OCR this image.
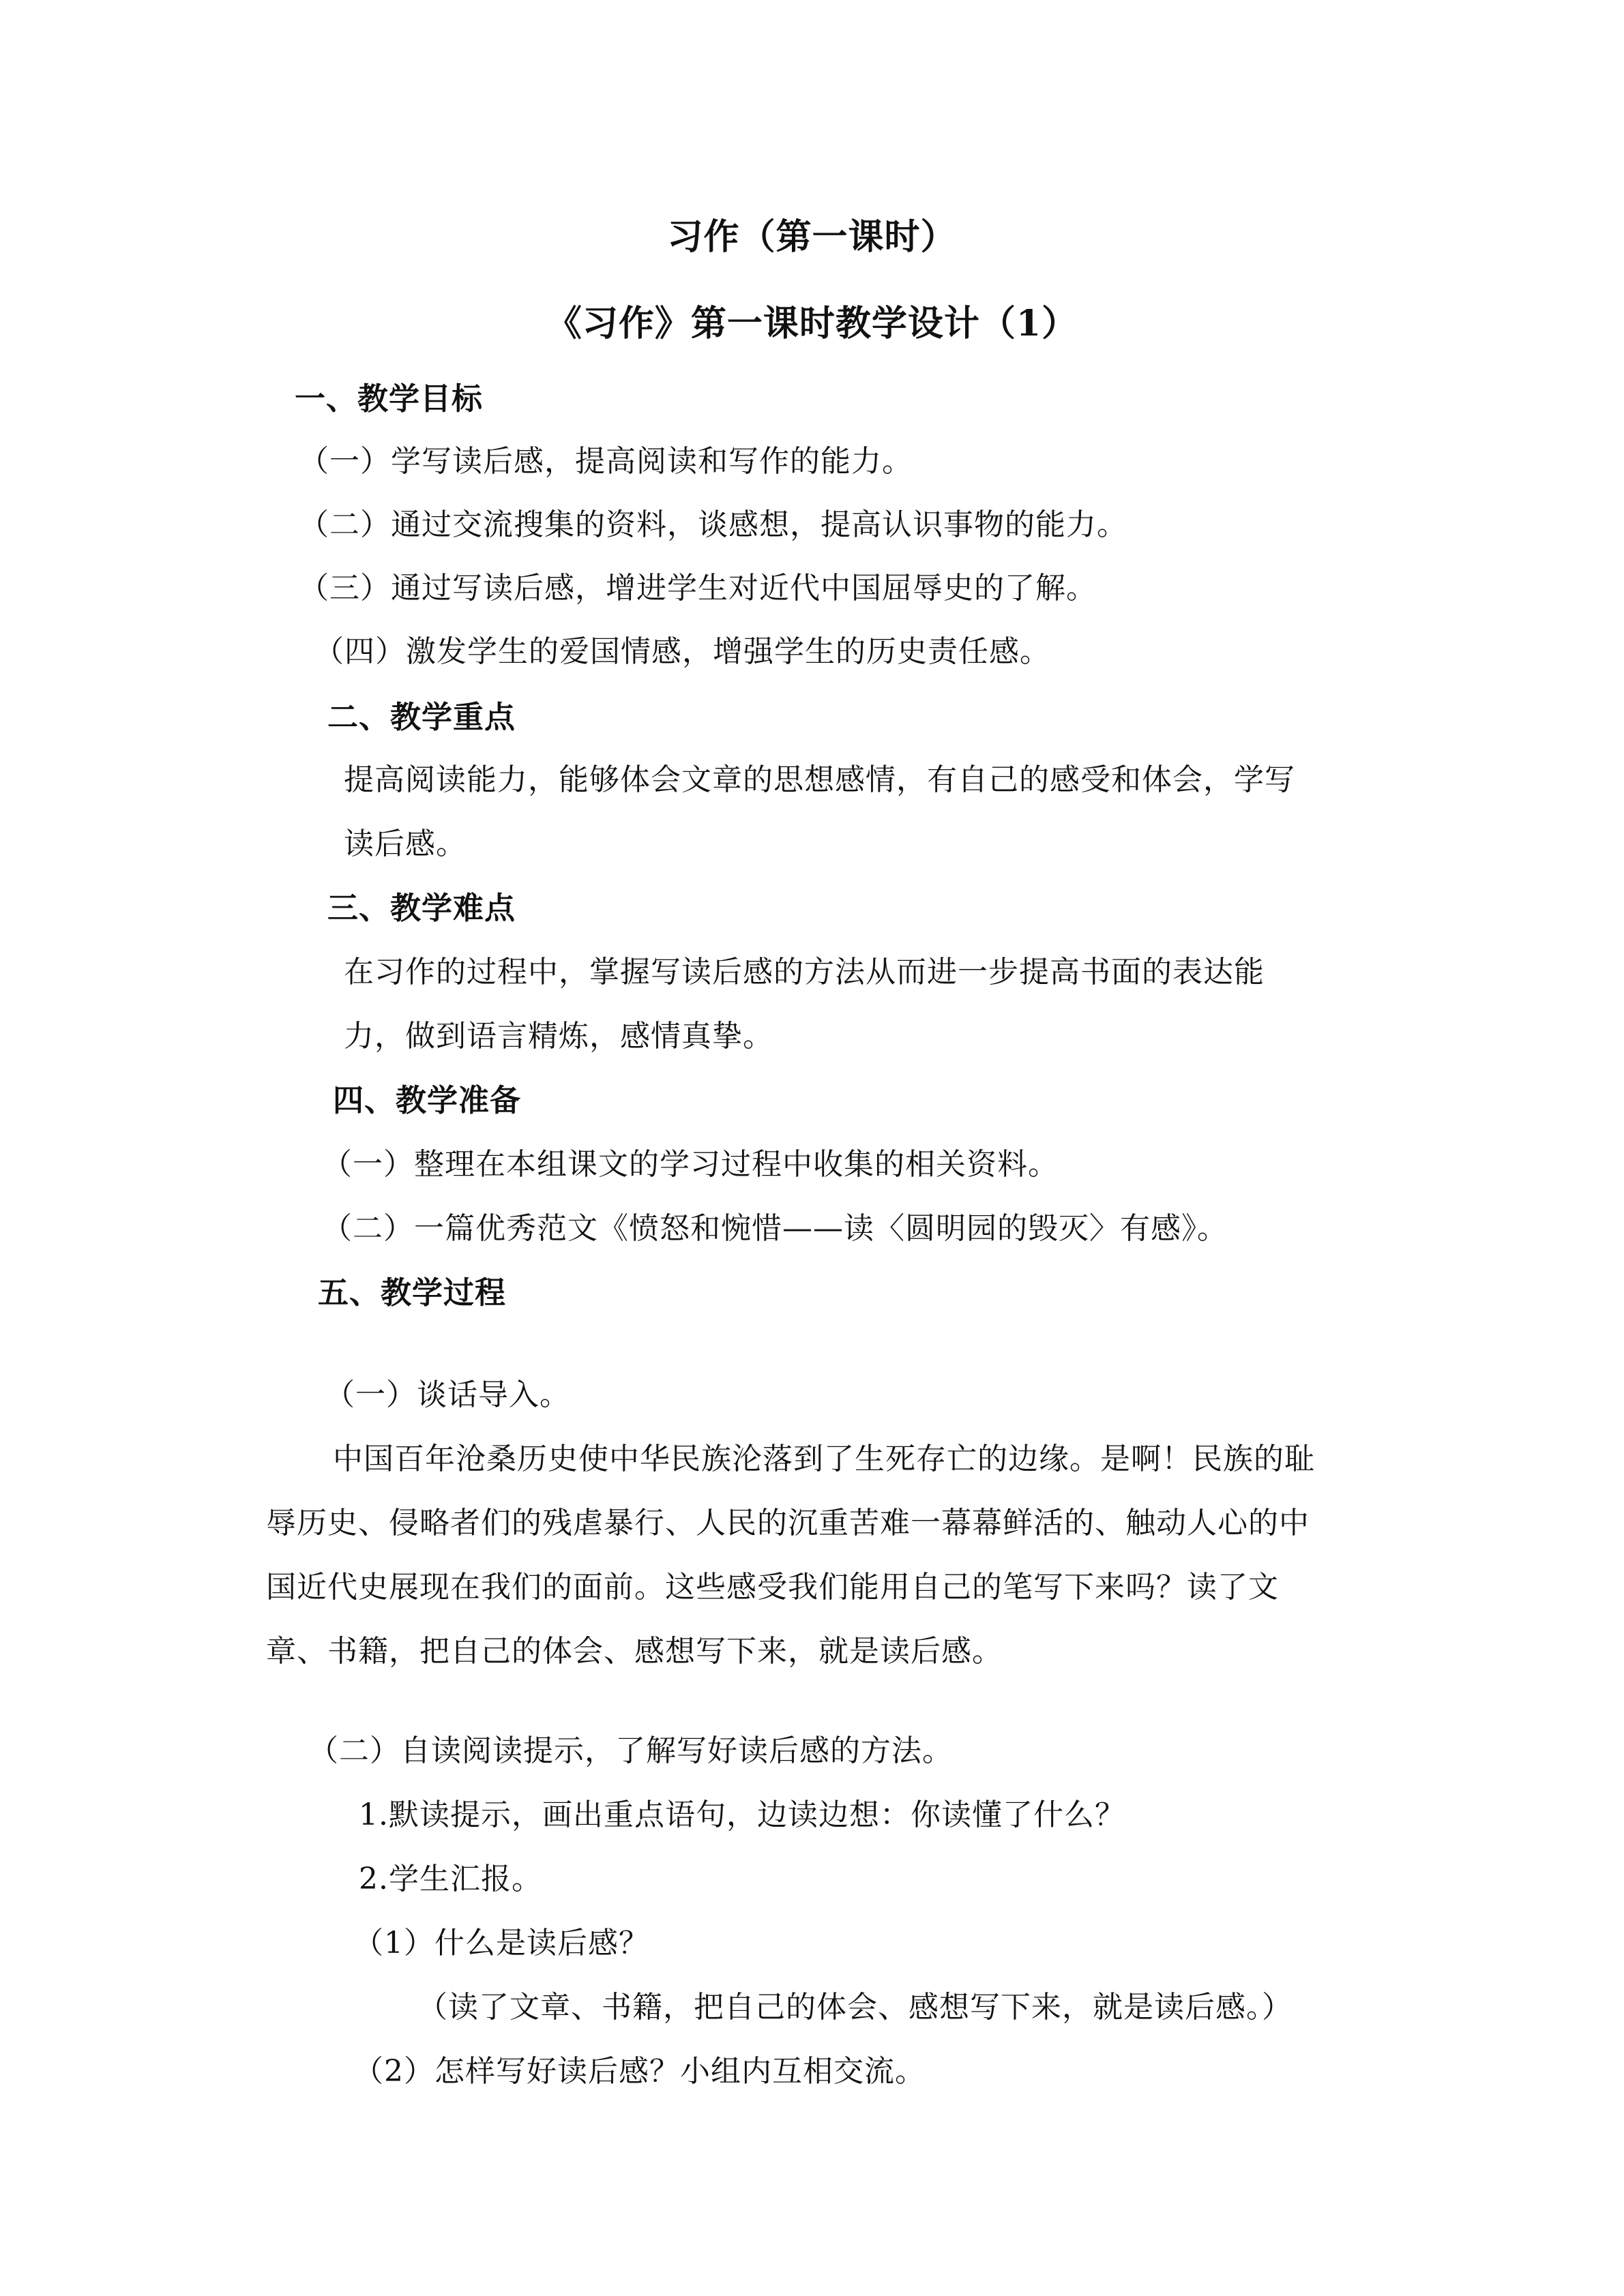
习作（第一课时）
《习作》第一课时教学设计（1）
一、教学目标
（一）学写读后感，提高阅读和写作的能力。
（二）通过交流搜集的资料，谈感想，提高认识事物的能力。
（三）通过写读后感，增进学生对近代中国屈辱史的了解。
（四）激发学生的爱国情感，增强学生的历史责任感。
二、教学重点
提高阅读能力，能够体会文章的思想感情，有自己的感受和体会，学写
读后感。
三、教学难点
在习作的过程中，掌握写读后感的方法从而进一步提高书面的表达能
力，做到语言精炼，感情真挚。
四、教学准备
（一）整理在本组课文的学习过程中收集的相关资料。
（二）一篇优秀范文《愤怒和惋惜——读〈圆明园的毁灭〉有感》。
五、教学过程
（一）谈话导入。
中国百年沧桑历史使中华民族沦落到了生死存亡的边缘。是啊！民族的耻
辱历史、侵略者们的残虐暴行、人民的沉重苦难一幕幕鲜活的、触动人心的中
国近代史展现在我们的面前。这些感受我们能用自己的笔写下来吗？读了文
章、书籍，把自己的体会、感想写下来，就是读后感。
（二）自读阅读提示，了解写好读后感的方法。
1.默读提示，画出重点语句，边读边想：你读懂了什么？
2.学生汇报。
（1）什么是读后感？
（读了文章、书籍，把自己的体会、感想写下来，就是读后感。）
（2）怎样写好读后感？小组内互相交流。
